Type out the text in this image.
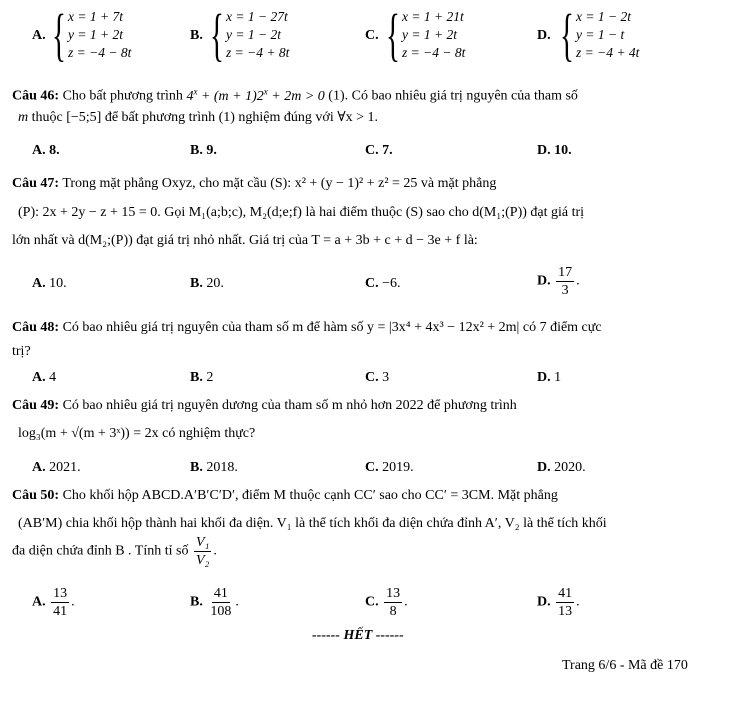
A. { x = 1 + 7t
y = 1 + 2t
z = −4 − 8t
B. { x = 1 − 27t
y = 1 − 2t
z = −4 + 8t
C. { x = 1 + 21t
y = 1 + 2t
z = −4 − 8t
D. { x = 1 − 2t
y = 1 − t
z = −4 + 4t
Câu 46: Cho bất phương trình $4^x + (m + 1)2^x + 2m > 0$ (1). Có bao nhiêu giá trị nguyên của tham số
m thuộc [−5;5] để bất phương trình (1) nghiệm đúng với ∀x > 1.
A. 8.	B. 9.	C. 7.	D. 10.
Câu 47: Trong mặt phẳng Oxyz, cho mặt cầu (S): x² + (y − 1)² + z² = 25 và mặt phẳng
(P): 2x + 2y − z + 15 = 0. Gọi M₁(a;b;c), M₂(d;e;f) là hai điểm thuộc (S) sao cho d(M₁;(P)) đạt giá trị
lớn nhất và d(M₂;(P)) đạt giá trị nhỏ nhất. Giá trị của T = a + 3b + c + d − 3e + f là:
A. 10.	B. 20.	C. −6.	D. $\frac{17}{3}$ .
Câu 48: Có bao nhiêu giá trị nguyên của tham số m để hàm số y = |3x⁴ + 4x³ − 12x² + 2m| có 7 điểm cực
trị?
A. 4	B. 2	C. 3	D. 1
Câu 49: Có bao nhiêu giá trị nguyên dương của tham số m nhỏ hơn 2022 để phương trình
log₃(m + √(m + 3ˣ)) = 2x có nghiệm thực?
A. 2021.	B. 2018.	C. 2019.	D. 2020.
Câu 50: Cho khối hộp ABCD.A′B′C′D′, điểm M thuộc cạnh CC′ sao cho CC′ = 3CM. Mặt phẳng
(AB′M) chia khối hộp thành hai khối đa diện. V₁ là thể tích khối đa diện chứa đỉnh A′, V₂ là thể tích khối
đa diện chứa đỉnh B . Tính tỉ số $\frac{\text{V₁}}{\text{V₂}}$ .
A. $\frac{13}{41}$ .	B. $\frac{41}{108}$ .	C. $\frac{13}{8}$ .	D. $\frac{41}{13}$ .
------ HẾT ------
Trang 6/6 - Mã đề 170
